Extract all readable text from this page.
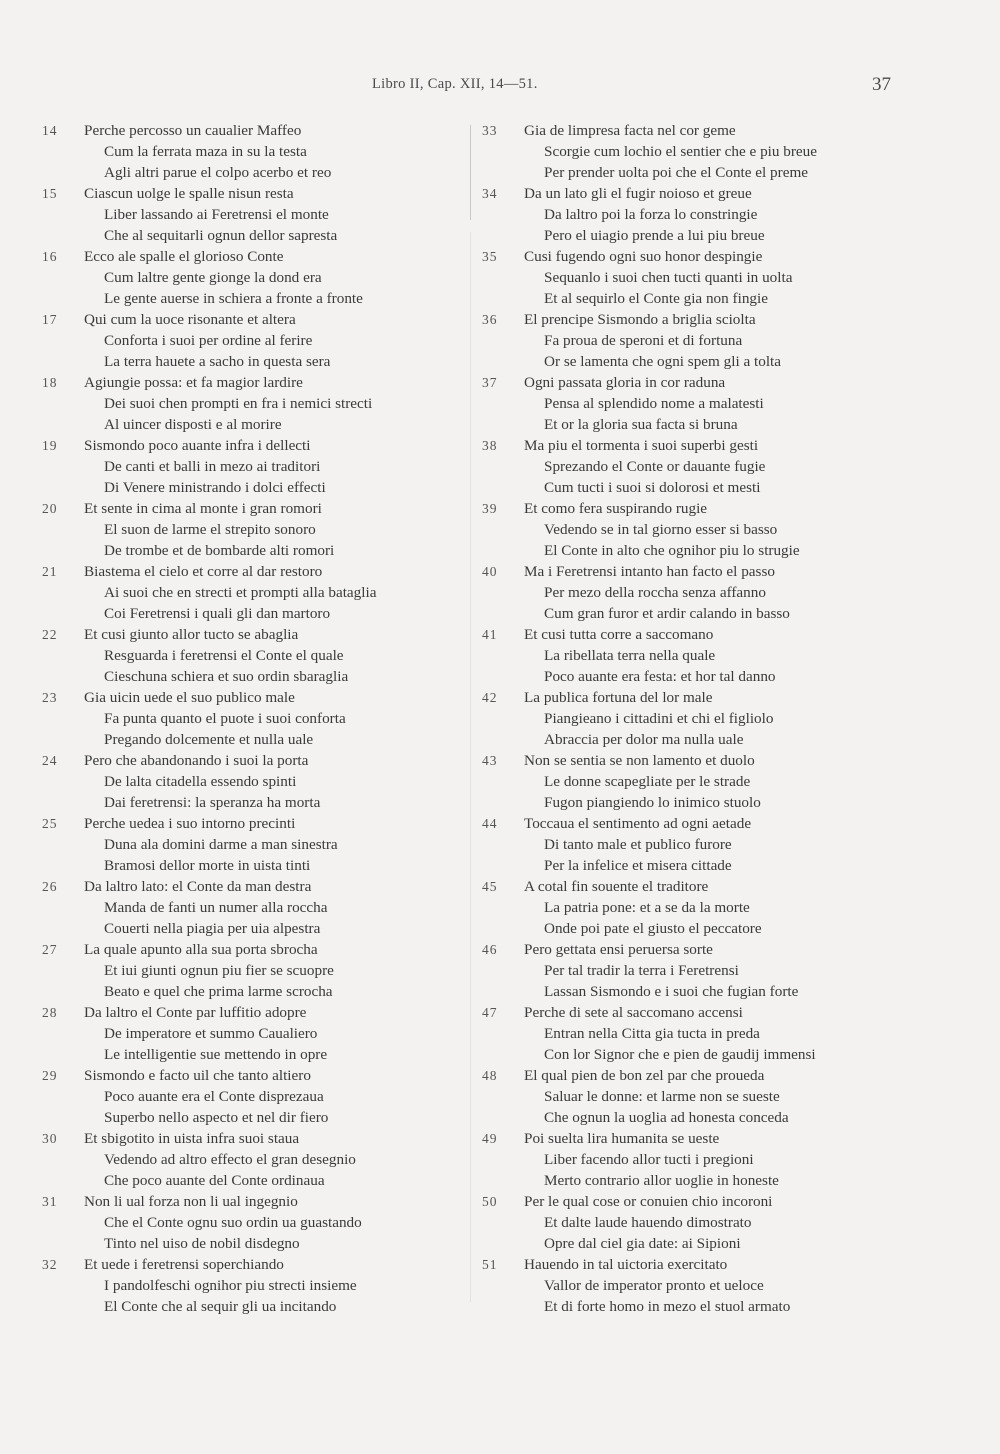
Libro II, Cap. XII, 14—51.	37
14	Perche percosso un caualier Maffeo
Cum la ferrata maza in su la testa
Agli altri parue el colpo acerbo et reo
15	Ciascun uolge le spalle nisun resta
Liber lassando ai Feretrensi el monte
Che al sequitarli ognun dellor sapresta
16	Ecco ale spalle el glorioso Conte
Cum laltre gente gionge la dond era
Le gente auerse in schiera a fronte a fronte
17	Qui cum la uoce risonante et altera
Conforta i suoi per ordine al ferire
La terra hauete a sacho in questa sera
18	Agiungie possa: et fa magior lardire
Dei suoi chen prompti en fra i nemici strecti
Al uincer disposti e al morire
19	Sismondo poco auante infra i dellecti
De canti et balli in mezo ai traditori
Di Venere ministrando i dolci effecti
20	Et sente in cima al monte i gran romori
El suon de larme el strepito sonoro
De trombe et de bombarde alti romori
21	Biastema el cielo et corre al dar restoro
Ai suoi che en strecti et prompti alla bataglia
Coi Feretrensi i quali gli dan martoro
22	Et cusi giunto allor tucto se abaglia
Resguarda i feretrensi el Conte el quale
Cieschuna schiera et suo ordin sbaraglia
23	Gia uicin uede el suo publico male
Fa punta quanto el puote i suoi conforta
Pregando dolcemente et nulla uale
24	Pero che abandonando i suoi la porta
De lalta citadella essendo spinti
Dai feretrensi: la speranza ha morta
25	Perche uedea i suo intorno precinti
Duna ala domini darme a man sinestra
Bramosi dellor morte in uista tinti
26	Da laltro lato: el Conte da man destra
Manda de fanti un numer alla roccha
Couerti nella piagia per uia alpestra
27	La quale apunto alla sua porta sbrocha
Et iui giunti ognun piu fier se scuopre
Beato e quel che prima larme scrocha
28	Da laltro el Conte par luffitio adopre
De imperatore et summo Caualiero
Le intelligentie sue mettendo in opre
29	Sismondo e facto uil che tanto altiero
Poco auante era el Conte disprezaua
Superbo nello aspecto et nel dir fiero
30	Et sbigotito in uista infra suoi staua
Vedendo ad altro effecto el gran desegnio
Che poco auante del Conte ordinaua
31	Non li ual forza non li ual ingegnio
Che el Conte ognu suo ordin ua guastando
Tinto nel uiso de nobil disdegno
32	Et uede i feretrensi soperchiando
I pandolfeschi ognihor piu strecti insieme
El Conte che al sequir gli ua incitando
33	Gia de limpresa facta nel cor geme
Scorgie cum lochio el sentier che e piu breue
Per prender uolta poi che el Conte el preme
34	Da un lato gli el fugir noioso et greue
Da laltro poi la forza lo constringie
Pero el uiagio prende a lui piu breue
35	Cusi fugendo ogni suo honor despingie
Sequanlo i suoi chen tucti quanti in uolta
Et al sequirlo el Conte gia non fingie
36	El prencipe Sismondo a briglia sciolta
Fa proua de speroni et di fortuna
Or se lamenta che ogni spem gli a tolta
37	Ogni passata gloria in cor raduna
Pensa al splendido nome a malatesti
Et or la gloria sua facta si bruna
38	Ma piu el tormenta i suoi superbi gesti
Sprezando el Conte or dauante fugie
Cum tucti i suoi si dolorosi et mesti
39	Et como fera suspirando rugie
Vedendo se in tal giorno esser si basso
El Conte in alto che ognihor piu lo strugie
40	Ma i Feretrensi intanto han facto el passo
Per mezo della roccha senza affanno
Cum gran furor et ardir calando in basso
41	Et cusi tutta corre a saccomano
La ribellata terra nella quale
Poco auante era festa: et hor tal danno
42	La publica fortuna del lor male
Piangieano i cittadini et chi el figliolo
Abraccia per dolor ma nulla uale
43	Non se sentia se non lamento et duolo
Le donne scapegliate per le strade
Fugon piangiendo lo inimico stuolo
44	Toccaua el sentimento ad ogni aetade
Di tanto male et publico furore
Per la infelice et misera cittade
45	A cotal fin souente el traditore
La patria pone: et a se da la morte
Onde poi pate el giusto el peccatore
46	Pero gettata ensi peruersa sorte
Per tal tradir la terra i Feretrensi
Lassan Sismondo e i suoi che fugian forte
47	Perche di sete al saccomano accensi
Entran nella Citta gia tucta in preda
Con lor Signor che e pien de gaudij immensi
48	El qual pien de bon zel par che proueda
Saluar le donne: et larme non se sueste
Che ognun la uoglia ad honesta conceda
49	Poi suelta lira humanita se ueste
Liber facendo allor tucti i pregioni
Merto contrario allor uoglie in honeste
50	Per le qual cose or conuien chio incoroni
Et dalte laude hauendo dimostrato
Opre dal ciel gia date: ai Sipioni
51	Hauendo in tal uictoria exercitato
Vallor de imperator pronto et ueloce
Et di forte homo in mezo el stuol armato
